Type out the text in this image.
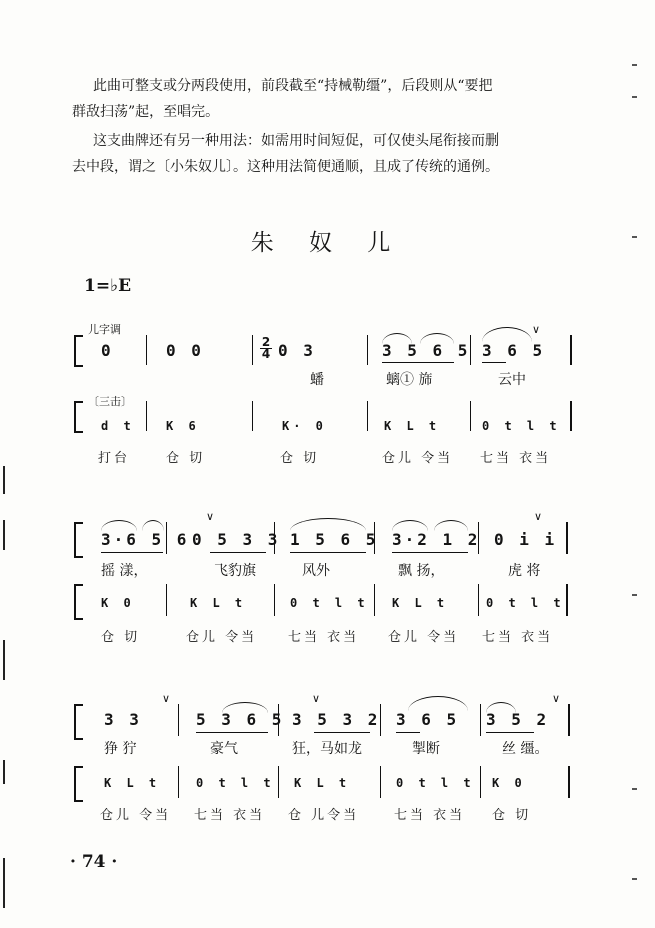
此曲可整支或分两段使用，前段截至“持械勒缰”，后段则从“要把
群敌扫荡”起，至唱完。
这支曲牌还有另一种用法：如需用时间短促，可仅使头尾衔接而删
去中段，谓之〔小朱奴儿〕。这种用法简便通顺，且成了传统的通例。
朱 奴 儿
1=♭E
儿字调
〔三击〕
2
4
0	0 0	0 3	3 5 6 5 3 6 5
∨
蟠	螭① 旆	云中
d t	K 6	K· 0	K L t	0 t l t
打台	仓 切	仓 切	仓儿 令当 七当 衣当
3·6 5 6 0 5 3 3 1 5 6 5 3·2 1 2 0 i i
∨	∨
摇 漾，	飞豹旗	风外	飘 扬，	虎 将
K 0	K L t	0 t l t K L t	0 t l t
仓 切	仓儿 令当 七当 衣当 仓儿 令当 七当 衣当
3 3	5 3 6 5 3 5 3 2 3 6 5 3 5 2
∨	∨	∨
狰 狞	豪气	狂，马如龙	掣断	丝 缰。
K L t	0 t l t K L t	0 t l t K 0
仓儿 令当 七当 衣当 仓 儿令当	七当 衣当 仓 切
· 74 ·
